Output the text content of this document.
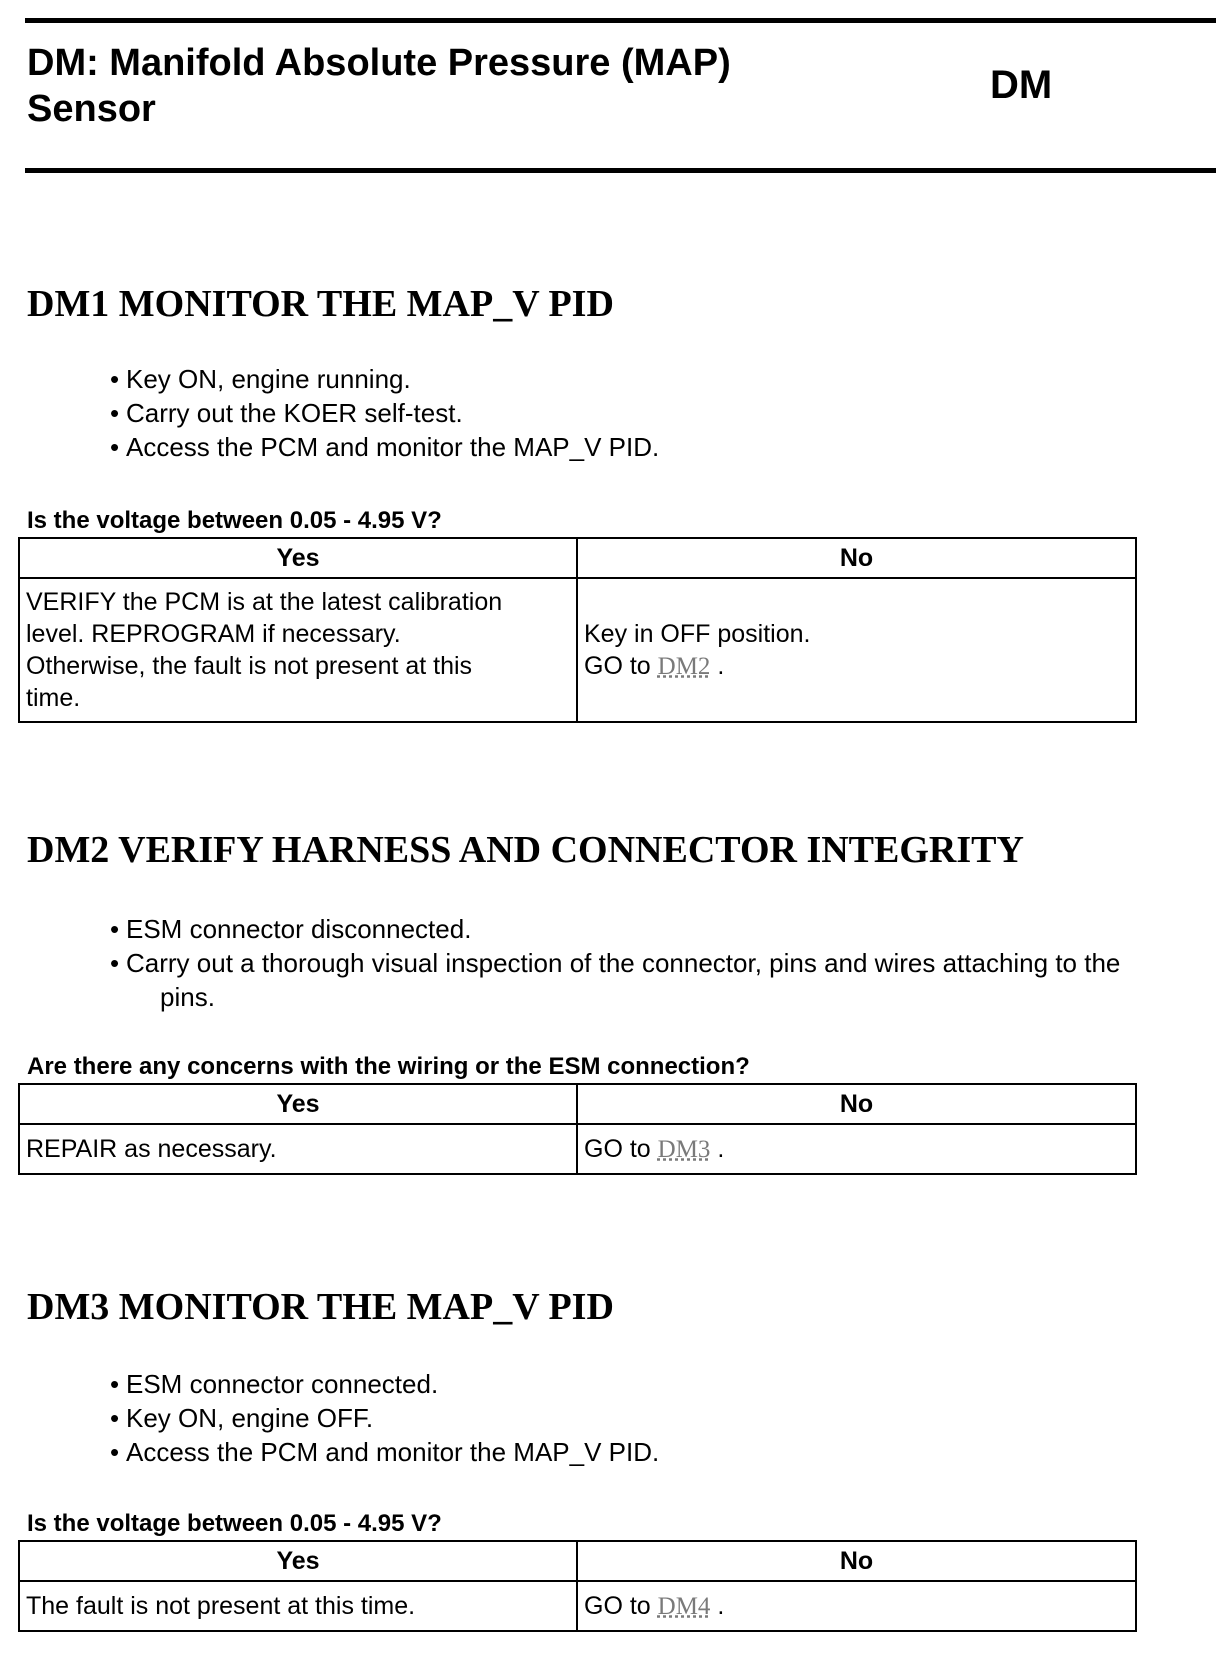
DM: Manifold Absolute Pressure (MAP)
Sensor
DM
DM1 MONITOR THE MAP_V PID
• Key ON, engine running.
• Carry out the KOER self-test.
• Access the PCM and monitor the MAP_V PID.

Is the voltage between 0.05 - 4.95 V?

Yes	No

VERIFY the PCM is at the latest calibration
level. REPROGRAM if necessary.
Otherwise, the fault is not present at this
time.	Key in OFF position.
GO to DM2 .
DM2 VERIFY HARNESS AND CONNECTOR INTEGRITY
• ESM connector disconnected.
• Carry out a thorough visual inspection of the connector, pins and wires attaching to the
pins.

Are there any concerns with the wiring or the ESM connection?

Yes	No
REPAIR as necessary.	GO to DM3 .
DM3 MONITOR THE MAP_V PID
• ESM connector connected.
• Key ON, engine OFF.
• Access the PCM and monitor the MAP_V PID.

Is the voltage between 0.05 - 4.95 V?

Yes	No
The fault is not present at this time.	GO to DM4 .
